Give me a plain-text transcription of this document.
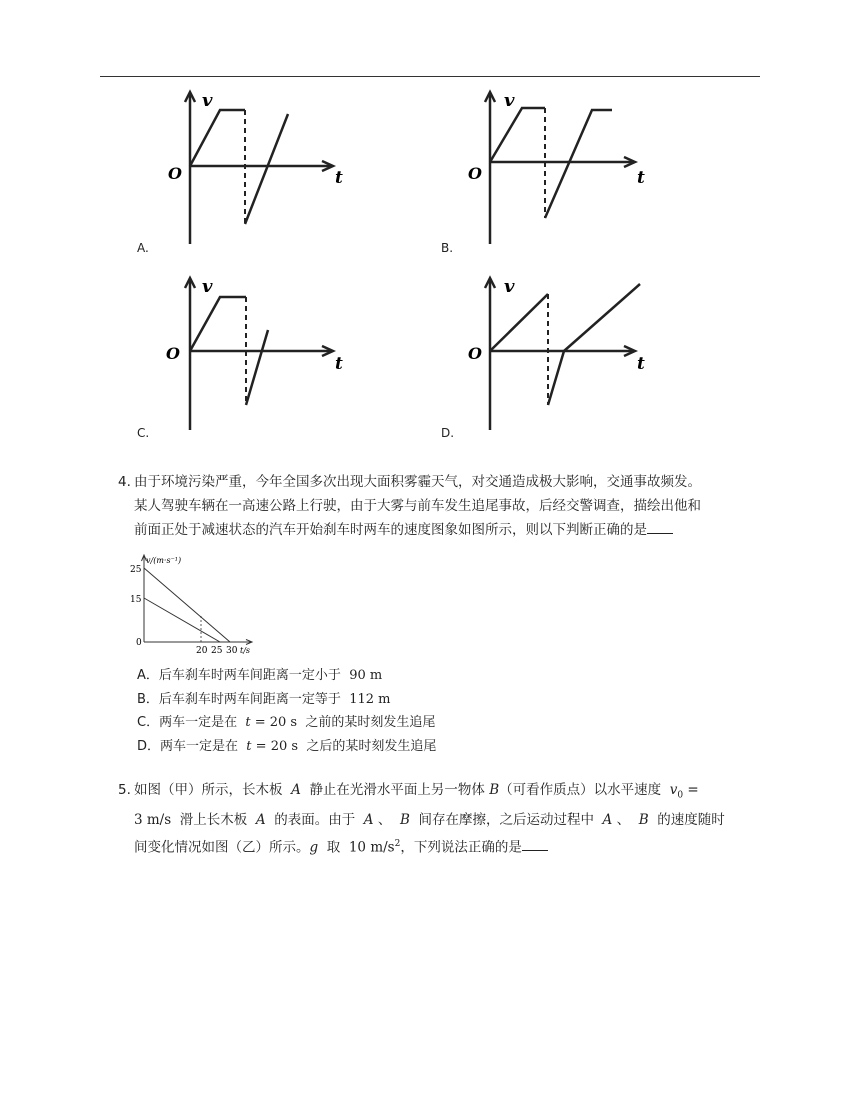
v
t
O
A.
v
t
O
B.
v
t
O
C.
v
t
O
D.
4. 由于环境污染严重，今年全国多次出现大面积雾霾天气，对交通造成极大影响，交通事故频发。
某人驾驶车辆在一高速公路上行驶，由于大雾与前车发生追尾事故，后经交警调查，描绘出他和
前面正处于减速状态的汽车开始刹车时两车的速度图象如图所示，则以下判断正确的是
v/(m·s⁻¹)
t/s
25
15
0
20 25 30
A．后车刹车时两车间距离一定小于 90 m
B．后车刹车时两车间距离一定等于 112 m
C．两车一定是在 t = 20 s 之前的某时刻发生追尾
D．两车一定是在 t = 20 s 之后的某时刻发生追尾
5. 如图（甲）所示，长木板 A 静止在光滑水平面上另一物体 B（可看作质点）以水平速度 $v_0$ =
3 m/s 滑上长木板 A 的表面。由于 A 、 B 间存在摩擦，之后运动过程中 A 、 B 的速度随时
间变化情况如图（乙）所示。g 取 10 $m/s^2$，下列说法正确的是
